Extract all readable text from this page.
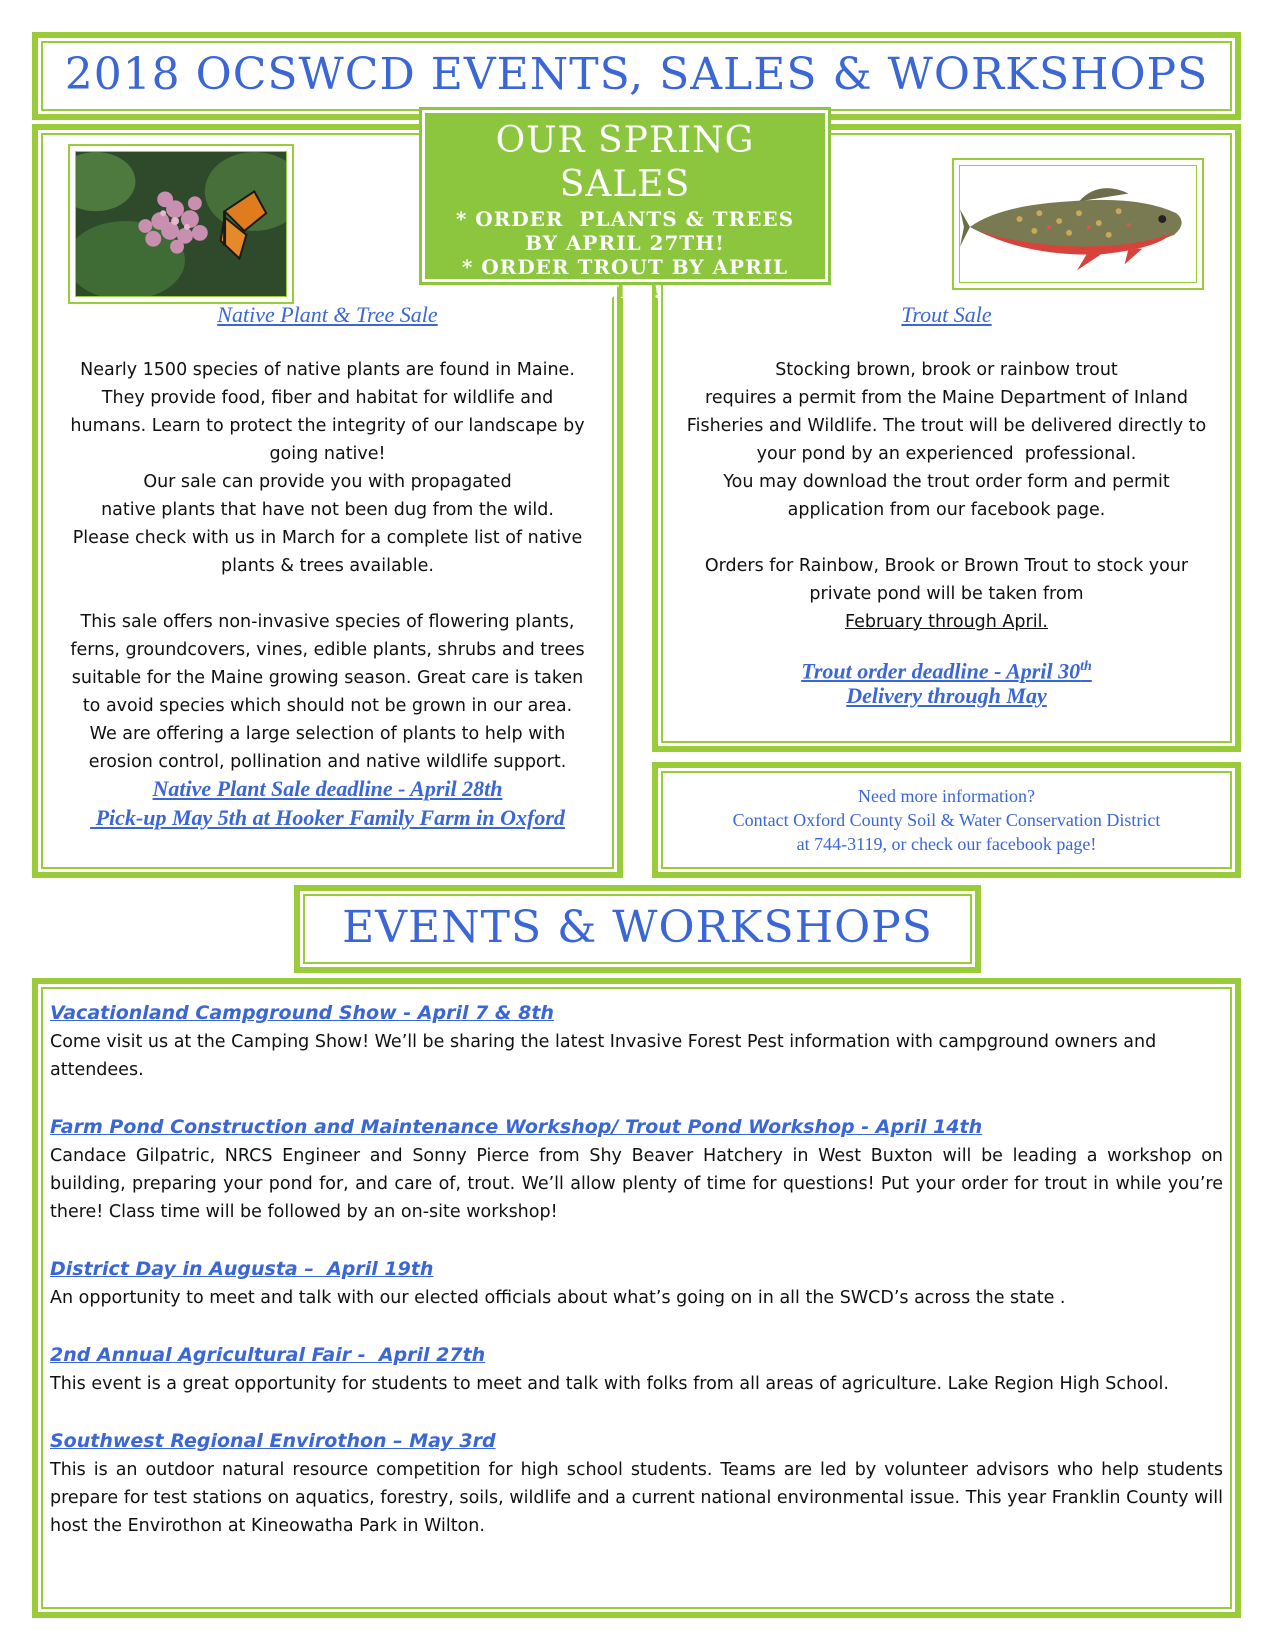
2018 OCSWCD EVENTS, SALES & WORKSHOPS
Native Plant & Tree Sale
Nearly 1500 species of native plants are found in Maine.
They provide food, fiber and habitat for wildlife and
humans. Learn to protect the integrity of our landscape by
going native!
Our sale can provide you with propagated
native plants that have not been dug from the wild.
Please check with us in March for a complete list of native
plants & trees available.
This sale offers non-invasive species of flowering plants,
ferns, groundcovers, vines, edible plants, shrubs and trees
suitable for the Maine growing season. Great care is taken
to avoid species which should not be grown in our area.
We are offering a large selection of plants to help with
erosion control, pollination and native wildlife support.
Native Plant Sale deadline - April 28th
Pick-up May 5th at Hooker Family Farm in Oxford
OUR SPRING SALES
* ORDER  PLANTS & TREES
BY APRIL 27TH!
* ORDER TROUT BY APRIL
30TH!
Trout Sale
Stocking brown, brook or rainbow trout
requires a permit from the Maine Department of Inland
Fisheries and Wildlife. The trout will be delivered directly to
your pond by an experienced  professional.
You may download the trout order form and permit
application from our facebook page.
Orders for Rainbow, Brook or Brown Trout to stock your
private pond will be taken from
February through April.
Trout order deadline - April 30th
Delivery through May
Need more information?
Contact Oxford County Soil & Water Conservation District
at 744-3119, or check our facebook page!
EVENTS & WORKSHOPS
Vacationland Campground Show - April 7 & 8th
Come visit us at the Camping Show! We’ll be sharing the latest Invasive Forest Pest information with campground owners and attendees.
Farm Pond Construction and Maintenance Workshop/ Trout Pond Workshop - April 14th
Candace Gilpatric, NRCS Engineer and Sonny Pierce from Shy Beaver Hatchery in West Buxton will be leading a workshop on building, preparing your pond for, and care of, trout. We’ll allow plenty of time for questions! Put your order for trout in while you’re there! Class time will be followed by an on-site workshop!
District Day in Augusta –  April 19th
An opportunity to meet and talk with our elected officials about what’s going on in all the SWCD’s across the state .
2nd Annual Agricultural Fair -  April 27th
This event is a great opportunity for students to meet and talk with folks from all areas of agriculture. Lake Region High School.
Southwest Regional Envirothon – May 3rd
This is an outdoor natural resource competition for high school students. Teams are led by volunteer advisors who help students prepare for test stations on aquatics, forestry, soils, wildlife and a current national environmental issue. This year Franklin County will host the Envirothon at Kineowatha Park in Wilton.
